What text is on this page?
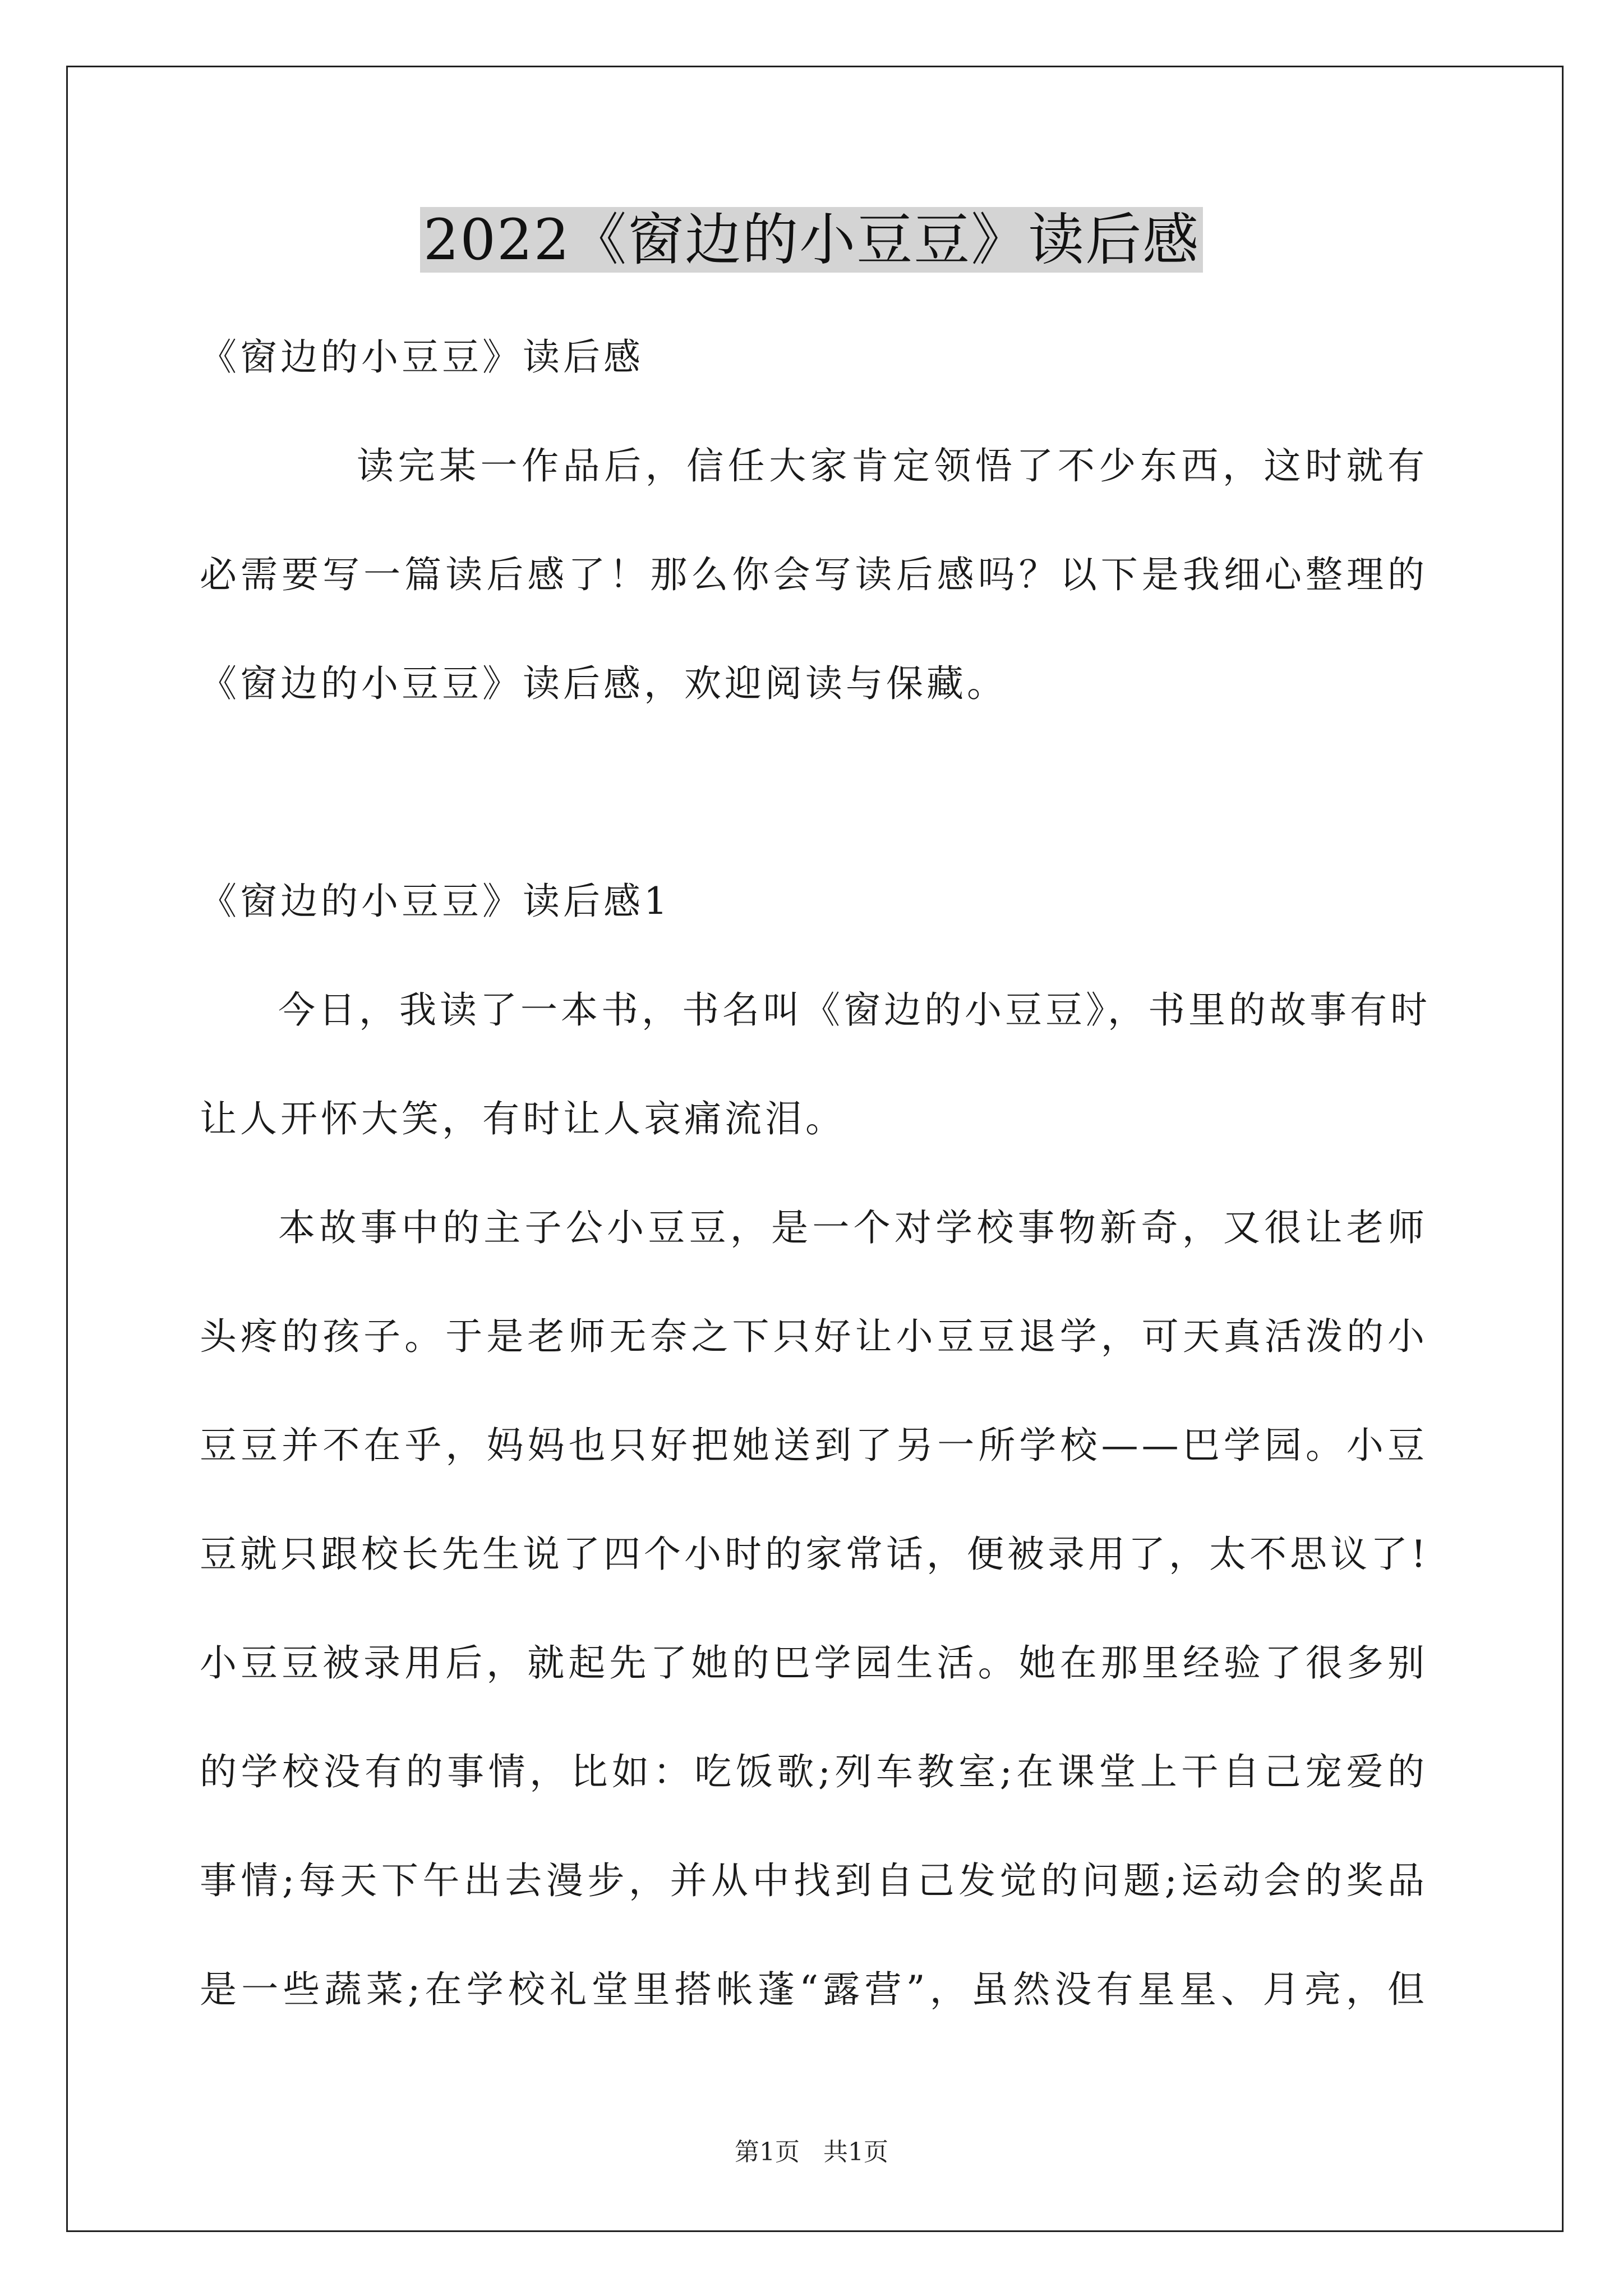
2022《窗边的小豆豆》读后感
《窗边的小豆豆》读后感
读完某一作品后，信任大家肯定领悟了不少东西，这时就有
必需要写一篇读后感了！那么你会写读后感吗？以下是我细心整理的
《窗边的小豆豆》读后感，欢迎阅读与保藏。
《窗边的小豆豆》读后感1
今日，我读了一本书，书名叫《窗边的小豆豆》，书里的故事有时
让人开怀大笑，有时让人哀痛流泪。
本故事中的主子公小豆豆，是一个对学校事物新奇，又很让老师
头疼的孩子。于是老师无奈之下只好让小豆豆退学，可天真活泼的小
豆豆并不在乎，妈妈也只好把她送到了另一所学校——巴学园。小豆
豆就只跟校长先生说了四个小时的家常话，便被录用了，太不思议了!
小豆豆被录用后，就起先了她的巴学园生活。她在那里经验了很多别
的学校没有的事情，比如：吃饭歌;列车教室;在课堂上干自己宠爱的
事情;每天下午出去漫步，并从中找到自己发觉的问题;运动会的奖品
是一些蔬菜;在学校礼堂里搭帐蓬“露营”，虽然没有星星、月亮，但
第1页 共1页
